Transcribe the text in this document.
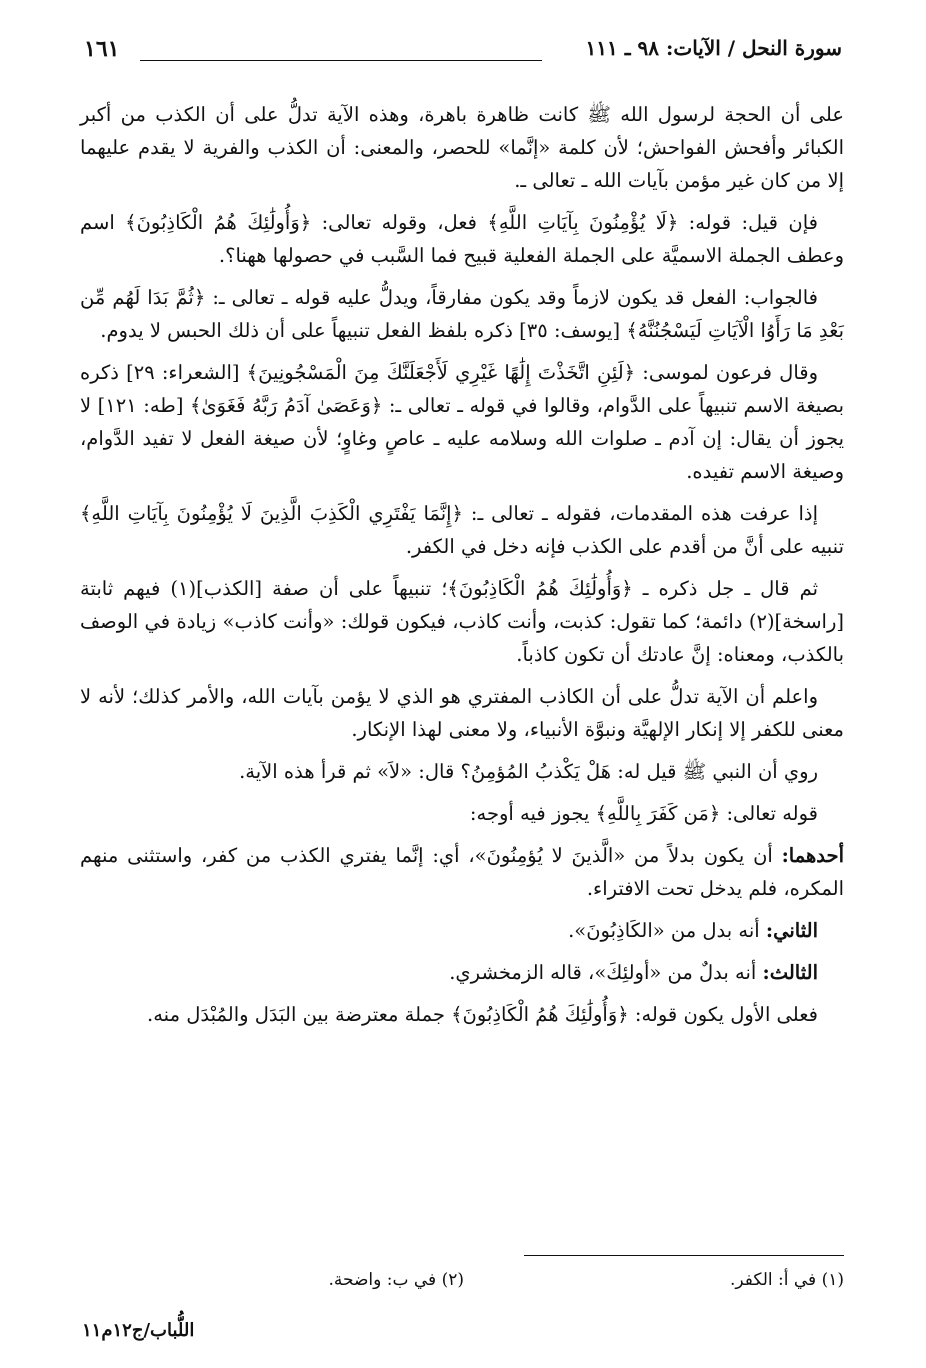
سورة النحل / الآيات: ٩٨ ـ ١١١
١٦١

على أن الحجة لرسول الله ﷺ كانت ظاهرة باهرة، وهذه الآية تدلُّ على أن الكذب من أكبر الكبائر وأفحش الفواحش؛ لأن كلمة «إنَّما» للحصر، والمعنى: أن الكذب والفرية لا يقدم عليهما إلا من كان غير مؤمن بآيات الله ـ تعالى ـ.

فإن قيل: قوله: ﴿لَا يُؤْمِنُونَ بِآيَاتِ اللَّهِ﴾ فعل، وقوله تعالى: ﴿وَأُولَٰئِكَ هُمُ الْكَاذِبُونَ﴾ اسم وعطف الجملة الاسميَّة على الجملة الفعلية قبيح فما السَّبب في حصولها ههنا؟.

فالجواب: الفعل قد يكون لازماً وقد يكون مفارقاً، ويدلُّ عليه قوله ـ تعالى ـ: ﴿ثُمَّ بَدَا لَهُم مِّن بَعْدِ مَا رَأَوُا الْآيَاتِ لَيَسْجُنُنَّهُ﴾ [يوسف: ٣٥] ذكره بلفظ الفعل تنبيهاً على أن ذلك الحبس لا يدوم.

وقال فرعون لموسى: ﴿لَئِنِ اتَّخَذْتَ إِلَٰهًا غَيْرِي لَأَجْعَلَنَّكَ مِنَ الْمَسْجُونِينَ﴾ [الشعراء: ٢٩] ذكره بصيغة الاسم تنبيهاً على الدَّوام، وقالوا في قوله ـ تعالى ـ: ﴿وَعَصَىٰ آدَمُ رَبَّهُ فَغَوَىٰ﴾ [طه: ١٢١] لا يجوز أن يقال: إن آدم ـ صلوات الله وسلامه عليه ـ عاصٍ وغاوٍ؛ لأن صيغة الفعل لا تفيد الدَّوام، وصيغة الاسم تفيده.

إذا عرفت هذه المقدمات، فقوله ـ تعالى ـ: ﴿إِنَّمَا يَفْتَرِي الْكَذِبَ الَّذِينَ لَا يُؤْمِنُونَ بِآيَاتِ اللَّهِ﴾ تنبيه على أنَّ من أقدم على الكذب فإنه دخل في الكفر.

ثم قال ـ جل ذكره ـ ﴿وَأُولَٰئِكَ هُمُ الْكَاذِبُونَ﴾؛ تنبيهاً على أن صفة [الكذب](١) فيهم ثابتة [راسخة](٢) دائمة؛ كما تقول: كذبت، وأنت كاذب، فيكون قولك: «وأنت كاذب» زيادة في الوصف بالكذب، ومعناه: إنَّ عادتك أن تكون كاذباً.

واعلم أن الآية تدلُّ على أن الكاذب المفتري هو الذي لا يؤمن بآيات الله، والأمر كذلك؛ لأنه لا معنى للكفر إلا إنكار الإلهيَّة ونبوَّة الأنبياء، ولا معنى لهذا الإنكار.

روي أن النبي ﷺ قيل له: هَلْ يَكْذبُ المُؤمِنُ؟ قال: «لاَ» ثم قرأ هذه الآية.

قوله تعالى: ﴿مَن كَفَرَ بِاللَّهِ﴾ يجوز فيه أوجه:

أحدهما: أن يكون بدلاً من «الَّذينَ لا يُؤمِنُونَ»، أي: إنَّما يفتري الكذب من كفر، واستثنى منهم المكره، فلم يدخل تحت الافتراء.

الثاني: أنه بدل من «الكَاذِبُونَ».

الثالث: أنه بدلٌ من «أولئِكَ»، قاله الزمخشري.

فعلى الأول يكون قوله: ﴿وَأُولَٰئِكَ هُمُ الْكَاذِبُونَ﴾ جملة معترضة بين البَدَل والمُبْدَل منه.

(١) في أ: الكفر.
(٢) في ب: واضحة.
اللُّباب/ج١٢م١١
